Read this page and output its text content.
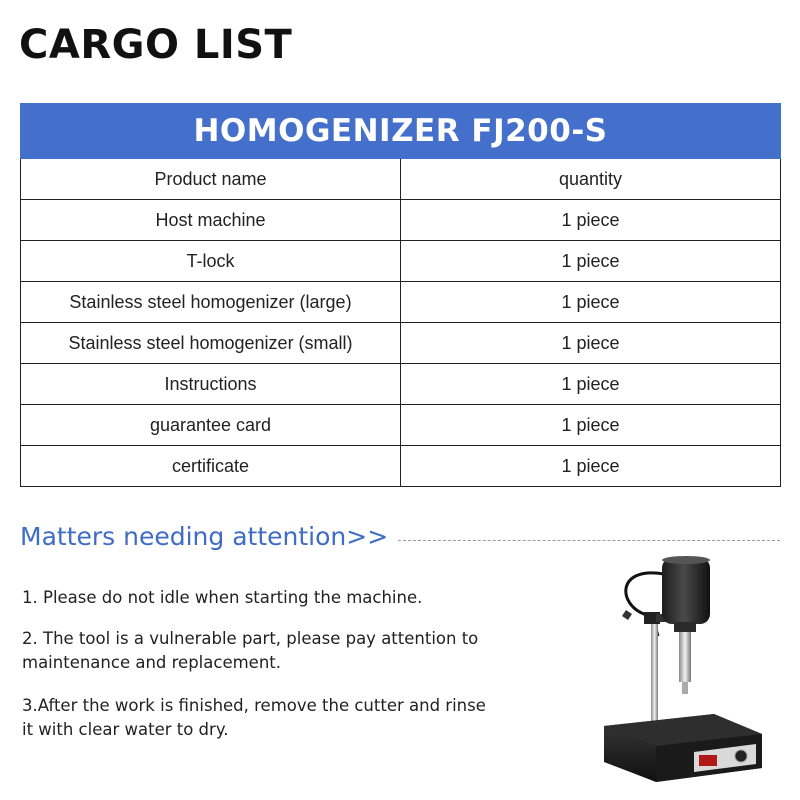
CARGO LIST
HOMOGENIZER FJ200-S	
Product name	quantity
Host machine	1 piece
T-lock	1 piece
Stainless steel homogenizer (large)	1 piece
Stainless steel homogenizer (small)	1 piece
Instructions	1 piece
guarantee card	1 piece
certificate	1 piece
Matters needing attention>>
1. Please do not idle when starting the machine.
2. The tool is a vulnerable part, please pay attention to maintenance and replacement.
3.After the work is finished, remove the cutter and rinse it with clear water to dry.
